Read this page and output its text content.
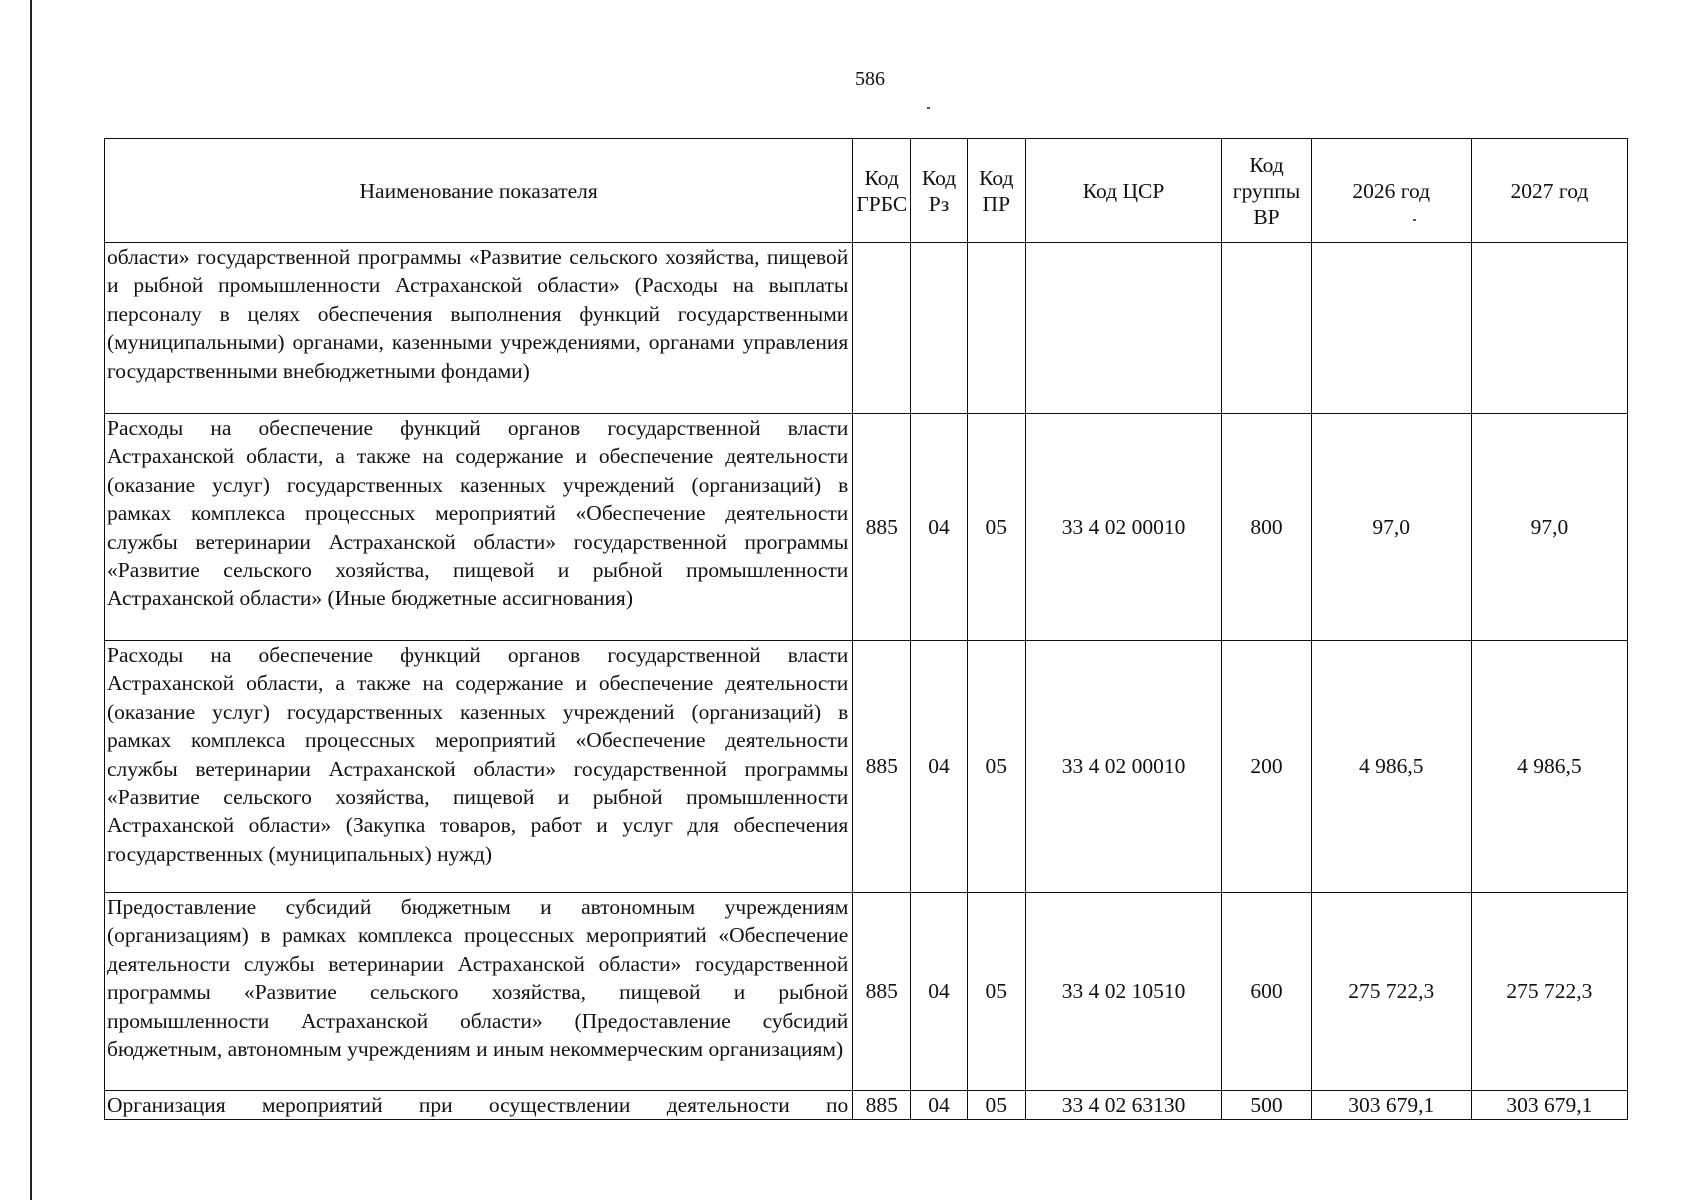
586
Наименование показателя	Код ГРБС	Код Рз	Код ПР	Код ЦСР	Код группы ВР	2026 год	2027 год
области» государственной программы «Развитие сельского хозяйства, пищевой и рыбной промышленности Астраханской области» (Расходы на выплаты персоналу в целях обеспечения выполнения функций государственными (муниципальными) органами, казенными учреждениями, органами управления государственными внебюджетными фондами)							
Расходы на обеспечение функций органов государственной власти Астраханской области, а также на содержание и обеспечение деятельности (оказание услуг) государственных казенных учреждений (организаций) в рамках комплекса процессных мероприятий «Обеспечение деятельности службы ветеринарии Астраханской области» государственной программы «Развитие сельского хозяйства, пищевой и рыбной промышленности Астраханской области» (Иные бюджетные ассигнования)	885	04	05	33 4 02 00010	800	97,0	97,0
Расходы на обеспечение функций органов государственной власти Астраханской области, а также на содержание и обеспечение деятельности (оказание услуг) государственных казенных учреждений (организаций) в рамках комплекса процессных мероприятий «Обеспечение деятельности службы ветеринарии Астраханской области» государственной программы «Развитие сельского хозяйства, пищевой и рыбной промышленности Астраханской области» (Закупка товаров, работ и услуг для обеспечения государственных (муниципальных) нужд)	885	04	05	33 4 02 00010	200	4 986,5	4 986,5
Предоставление субсидий бюджетным и автономным учреждениям (организациям) в рамках комплекса процессных мероприятий «Обеспечение деятельности службы ветеринарии Астраханской области» государственной программы «Развитие сельского хозяйства, пищевой и рыбной промышленности Астраханской области» (Предоставление субсидий бюджетным, автономным учреждениям и иным некоммерческим организациям)	885	04	05	33 4 02 10510	600	275 722,3	275 722,3
Организация мероприятий при осуществлении деятельности по	885	04	05	33 4 02 63130	500	303 679,1	303 679,1
